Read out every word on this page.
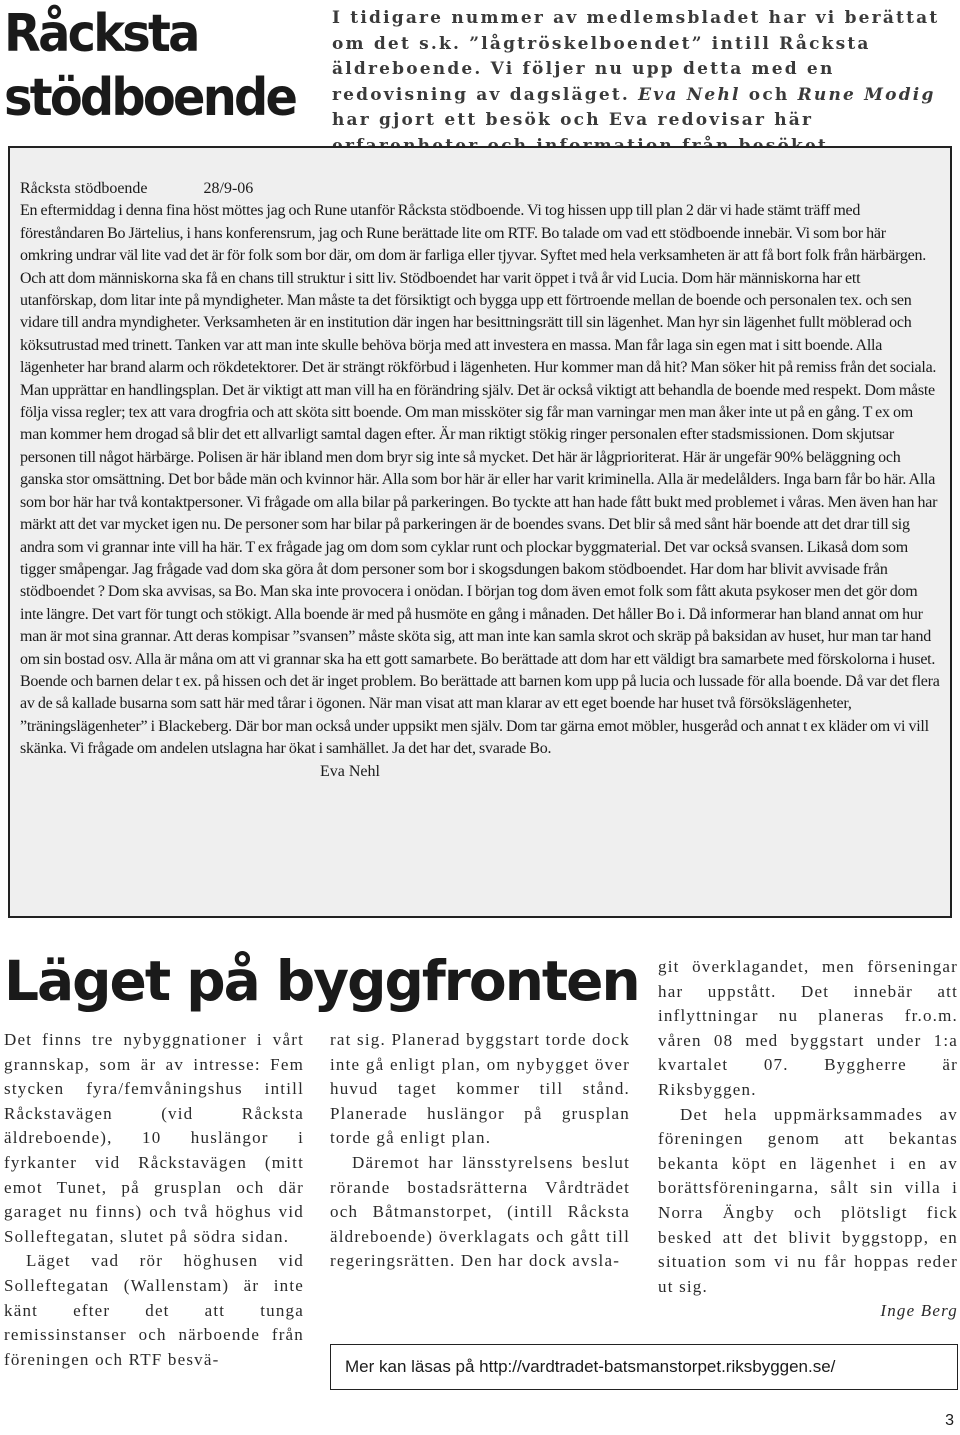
Råcksta
stödboende
I tidigare nummer av medlemsbladet har vi berättat om det s.k. ”lågtröskelboendet” intill Råcksta äldreboende. Vi följer nu upp detta med en redovisning av dagsläget. Eva Nehl och Rune Modig har gjort ett besök och Eva redovisar här

Råcksta stödboende	28/9-06

En eftermiddag i denna fina höst möttes jag och Rune utanför Råcksta stödboende. Vi tog hissen upp till plan 2 där vi hade stämt träff med föreståndaren Bo Järtelius, i hans konferensrum, jag och Rune berättade lite om RTF. Bo talade om vad ett stödboende innebär. Vi som bor här omkring undrar väl lite vad det är för folk som bor där, om dom är farliga eller tjyvar. Syftet med hela verksamheten är att få bort folk från härbärgen. Och att dom människorna ska få en chans till struktur i sitt liv. Stödboendet har varit öppet i två år vid Lucia. Dom här människorna har ett utanförskap, dom litar inte på myndigheter. Man måste ta det försiktigt och bygga upp ett förtroende mellan de boende och personalen tex. och sen vidare till andra myndigheter. Verksamheten är en institution där ingen har besittningsrätt till sin lägenhet. Man hyr sin lägenhet fullt möblerad och köksutrustad med trinett. Tanken var att man inte skulle behöva börja med att investera en massa. Man får laga sin egen mat i sitt boende. Alla lägenheter har brand alarm och rökdetektorer. Det är strängt rökförbud i lägenheten. Hur kommer man då hit? Man söker hit på remiss från det sociala. Man upprättar en handlingsplan. Det är viktigt att man vill ha en förändring själv. Det är också viktigt att behandla de boende med respekt. Dom måste följa vissa regler; tex att vara drogfria och att sköta sitt boende. Om man missköter sig får man varningar men man åker inte ut på en gång. T ex om man kommer hem drogad så blir det ett allvarligt samtal dagen efter. Är man riktigt stökig ringer personalen efter stadsmissionen. Dom skjutsar personen till något härbärge. Polisen är här ibland men dom bryr sig inte så mycket. Det här är lågprioriterat. Här är ungefär 90% beläggning och ganska stor omsättning. Det bor både män och kvinnor här. Alla som bor här är eller har varit kriminella. Alla är medelålders. Inga barn får bo här. Alla som bor här har två kontaktpersoner. Vi frågade om alla bilar på parkeringen. Bo tyckte att han hade fått bukt med problemet i våras. Men även han har märkt att det var mycket igen nu. De personer som har bilar på parkeringen är de boendes svans. Det blir så med sånt här boende att det drar till sig andra som vi grannar inte vill ha här. T ex frågade jag om dom som cyklar runt och plockar byggmaterial. Det var också svansen. Likaså dom som tigger småpengar. Jag frågade vad dom ska göra åt dom personer som bor i skogsdungen bakom stödboendet. Har dom har blivit avvisade från stödboendet ? Dom ska avvisas, sa Bo. Man ska inte provocera i onödan. I början tog dom även emot folk som fått akuta psykoser men det gör dom inte längre. Det vart för tungt och stökigt. Alla boende är med på husmöte en gång i månaden. Det håller Bo i. Då informerar han bland annat om hur man är mot sina grannar. Att deras kompisar ”svansen” måste sköta sig, att man inte kan samla skrot och skräp på baksidan av huset, hur man tar hand om sin bostad osv. Alla är måna om att vi grannar ska ha ett gott samarbete. Bo berättade att dom har ett väldigt bra samarbete med förskolorna i huset. Boende och barnen delar t ex. på hissen och det är inget problem. Bo berättade att barnen kom upp på lucia och lussade för alla boende. Då var det flera av de så kallade busarna som satt här med tårar i ögonen. När man visat att man klarar av ett eget boende har huset två försökslägenheter, ”träningslägenheter” i Blackeberg. Där bor man också under uppsikt men själv. Dom tar gärna emot möbler, husgeråd och annat t ex kläder om vi vill skänka. Vi frågade om andelen utslagna har ökat i samhället. Ja det har det, svarade Bo.

Eva Nehl

Läget på byggfronten

Det finns tre nybyggnationer i vårt grannskap, som är av intresse: Fem stycken fyra/femvåningshus intill Råckstavägen (vid Råcksta äldreboende), 10 huslängor i fyrkanter vid Råckstavägen (mitt emot Tunet, på grusplan och där garaget nu finns) och två höghus vid Solleftegatan, slutet på södra sidan.

Läget vad rör höghusen vid Solleftegatan (Wallenstam) är inte känt efter det att tunga remissinstanser och närboende från föreningen och RTF besvä-

rat sig. Planerad byggstart torde dock inte gå enligt plan, om nybygget över huvud taget kommer till stånd. Planerade huslängor på grusplan torde gå enligt plan.

Däremot har länsstyrelsens beslut rörande bostadsrätterna Vårdträdet och Båtmanstorpet, (intill Råcksta äldreboende) överklagats och gått till regeringsrätten. Den har dock avsla-

git överklagandet, men förseningar har uppstått. Det innebär att inflyttningar nu planeras fr.o.m. våren 08 med byggstart under 1:a kvartalet 07. Byggherre är Riksbyggen.

Det hela uppmärksammades av föreningen genom att bekantas bekanta köpt en lägenhet i en av borättsföreningarna, sålt sin villa i Norra Ängby och plötsligt fick besked att det blivit byggstopp, en situation som vi nu får hoppas reder ut sig.

Inge Berg

Mer kan läsas på http://vardtradet-batsmanstorpet.riksbyggen.se/
3
